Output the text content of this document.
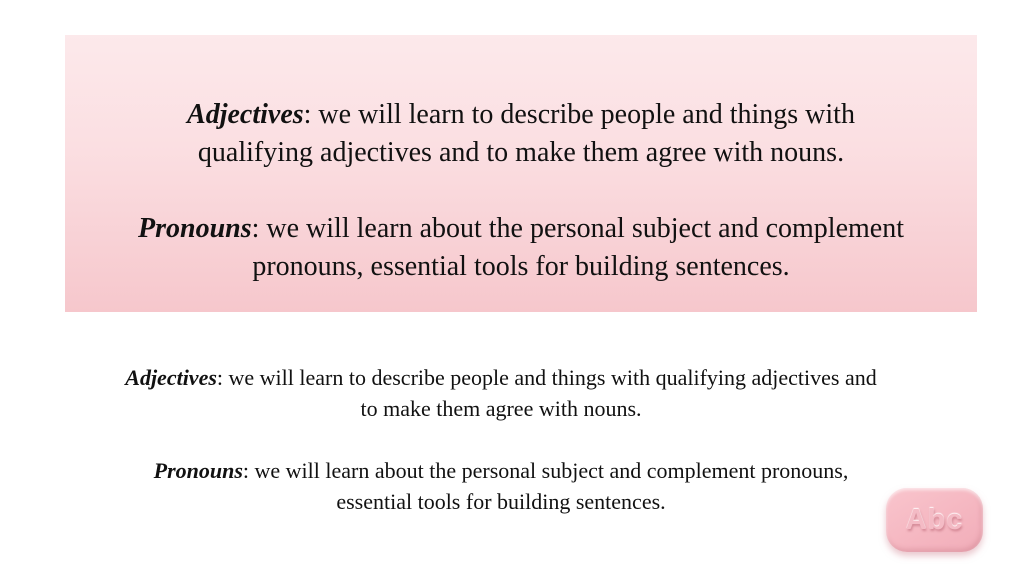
Adjectives: we will learn to describe people and things with
qualifying adjectives and to make them agree with nouns.

Pronouns: we will learn about the personal subject and complement
pronouns, essential tools for building sentences.

Adjectives: we will learn to describe people and things with qualifying adjectives and
to make them agree with nouns.

Pronouns: we will learn about the personal subject and complement pronouns,
essential tools for building sentences.

Abc
